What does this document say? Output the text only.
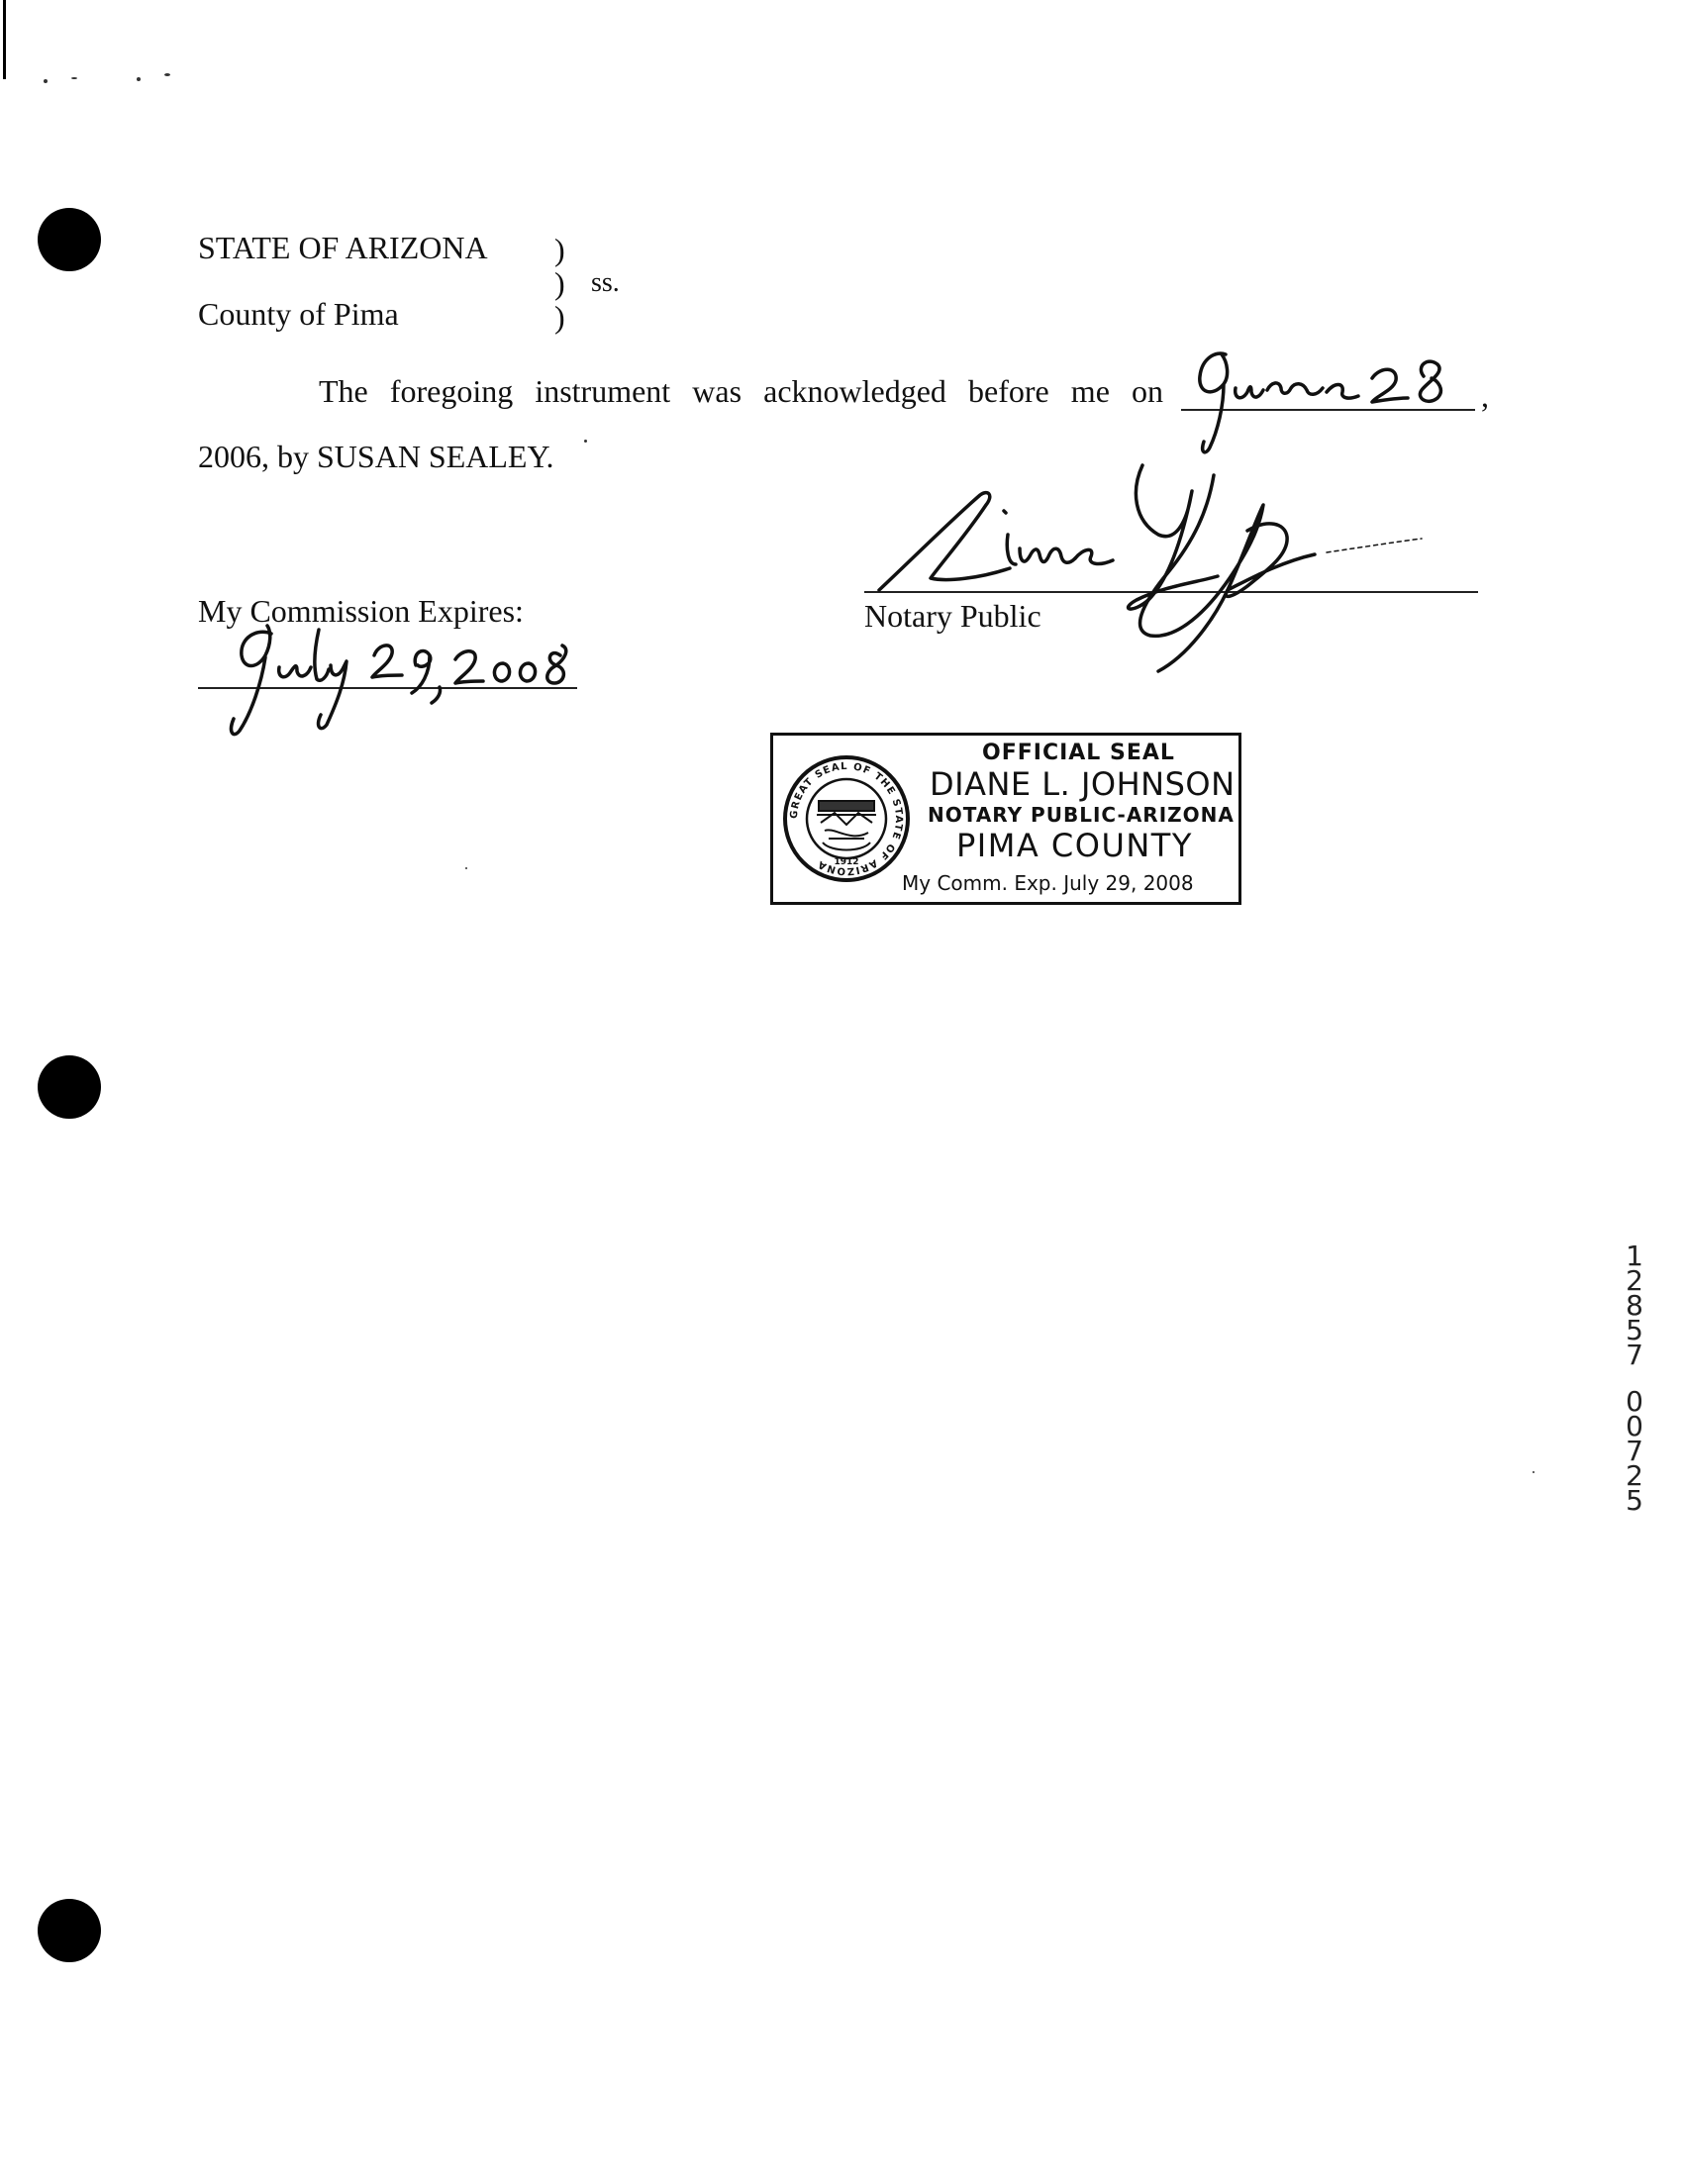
STATE OF ARIZONA
County of Pima
)
)
)
ss.
The foregoing instrument was acknowledged before me on	,
2006, by SUSAN SEALEY.
My Commission Expires:	Notary Public
GREAT SEAL OF THE STATE OF ARIZONA 1912
OFFICIAL SEAL
DIANE L. JOHNSON
NOTARY PUBLIC-ARIZONA
PIMA COUNTY
My Comm. Exp. July 29, 2008
1
2
8
5
7
0
0
7
2
5
